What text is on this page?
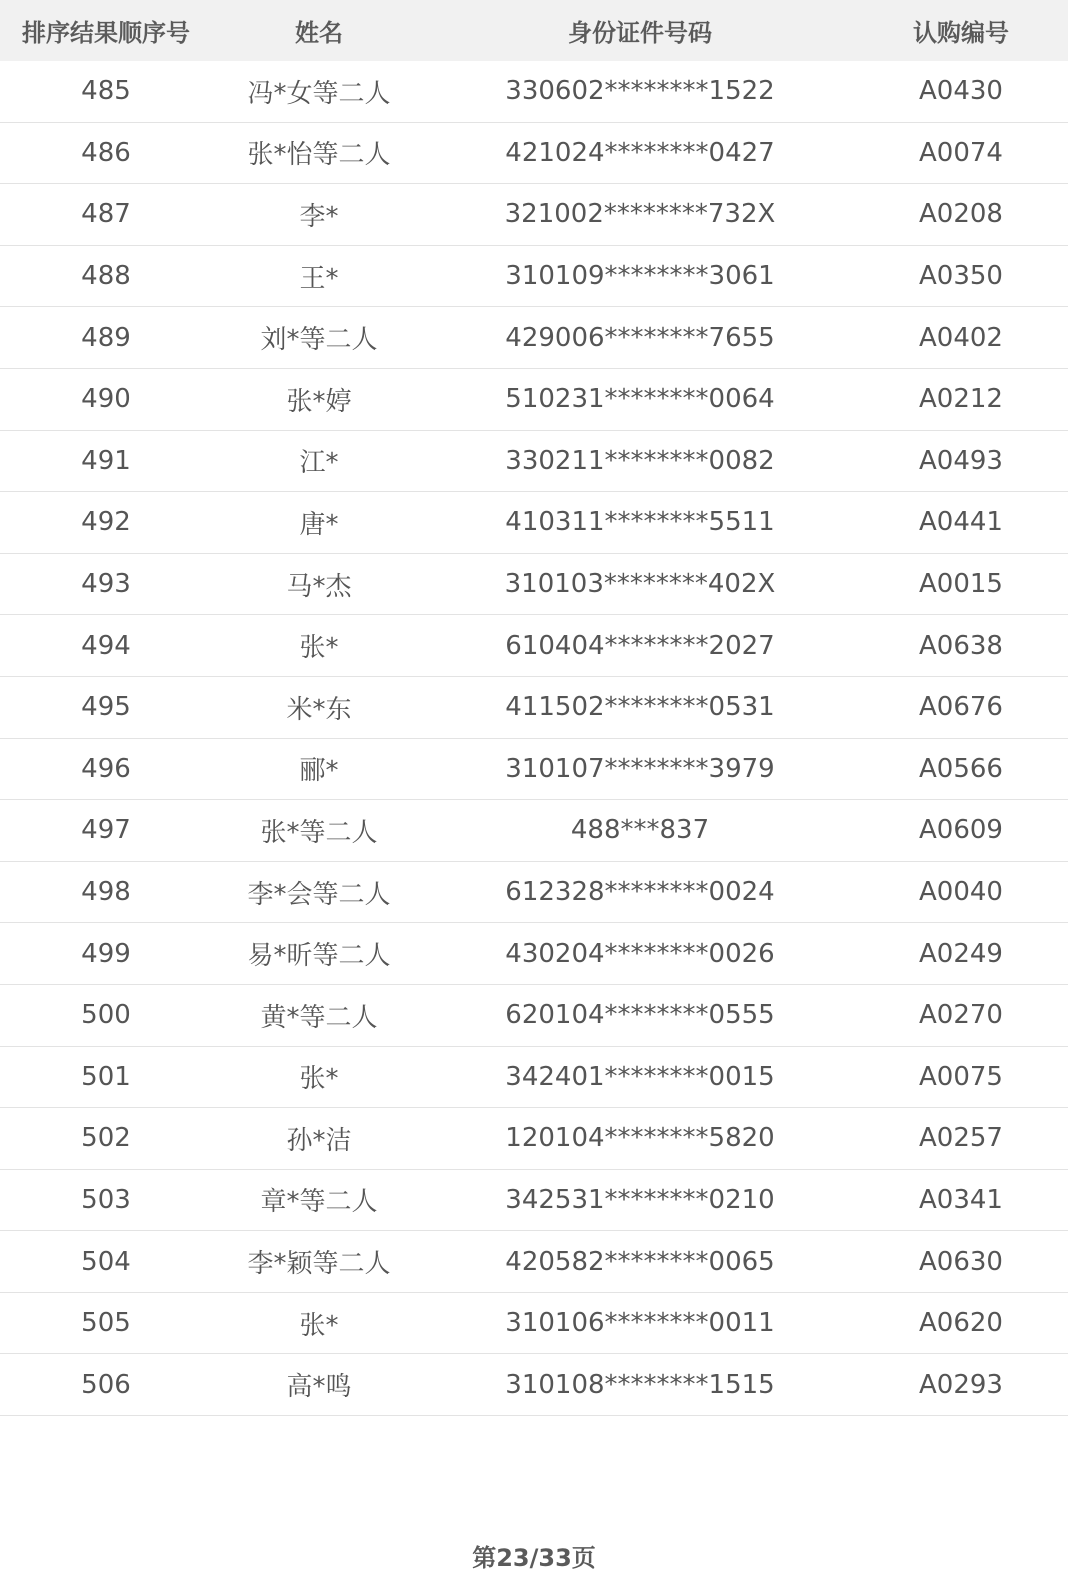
排序结果顺序号	姓名	身份证件号码	认购编号
485	冯*女等二人	330602********1522	A0430
486	张*怡等二人	421024********0427	A0074
487	李*	321002********732X	A0208
488	王*	310109********3061	A0350
489	刘*等二人	429006********7655	A0402
490	张*婷	510231********0064	A0212
491	江*	330211********0082	A0493
492	唐*	410311********5511	A0441
493	马*杰	310103********402X	A0015
494	张*	610404********2027	A0638
495	米*东	411502********0531	A0676
496	郦*	310107********3979	A0566
497	张*等二人	488***837	A0609
498	李*会等二人	612328********0024	A0040
499	易*昕等二人	430204********0026	A0249
500	黄*等二人	620104********0555	A0270
501	张*	342401********0015	A0075
502	孙*洁	120104********5820	A0257
503	章*等二人	342531********0210	A0341
504	李*颖等二人	420582********0065	A0630
505	张*	310106********0011	A0620
506	高*鸣	310108********1515	A0293
第23/33页
